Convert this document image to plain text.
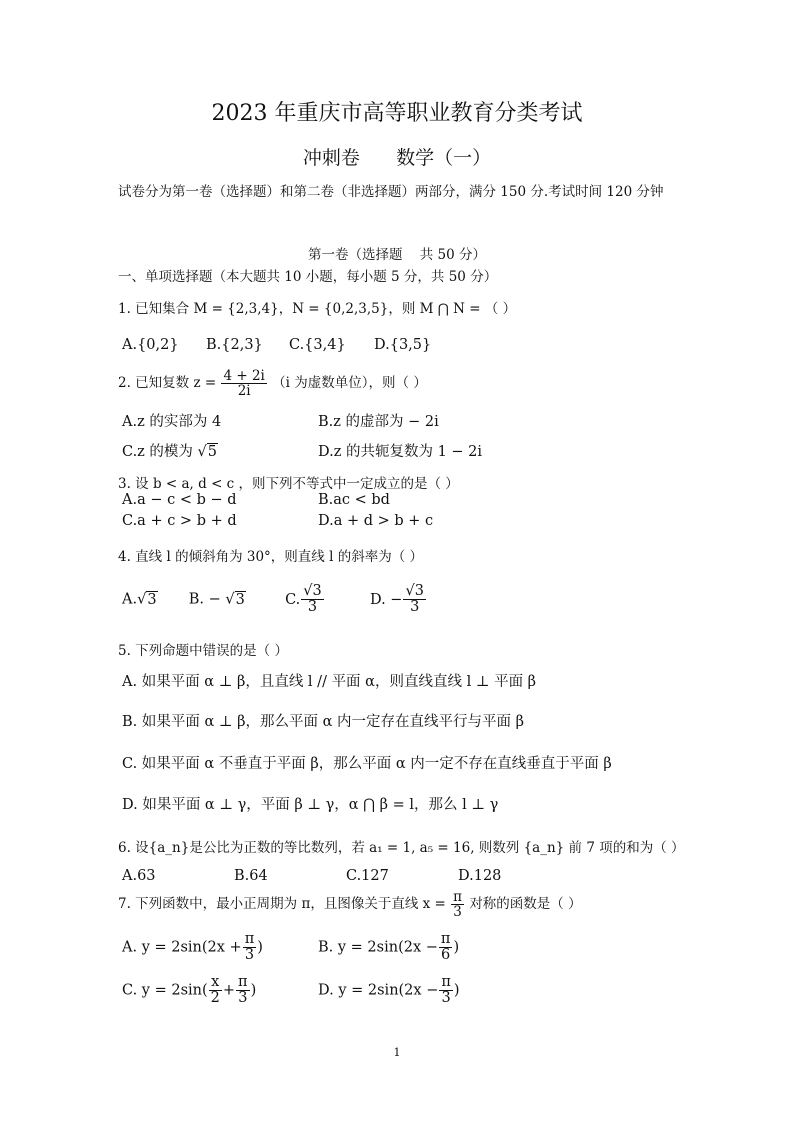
2023 年重庆市高等职业教育分类考试
冲刺卷      数学（一）
试卷分为第一卷（选择题）和第二卷（非选择题）两部分，满分 150 分.考试时间 120 分钟
第一卷（选择题    共 50 分）
一、单项选择题（本大题共 10 小题，每小题 5 分，共 50 分）
1. 已知集合 M = {2,3,4}，N = {0,2,3,5}，则 M ⋂ N = （ ）
A.{0,2} B.{2,3} C.{3,4} D.{3,5}
2. 已知复数 $z = \frac{4 + 2i}{2i} (i$ 为虚数单位），则（ ）
A.z 的实部为 4	B.z 的虚部为 − 2i
C.z 的模为 √5	D.z 的共轭复数为 1 − 2i
3. 设 b < a, d < c ，则下列不等式中一定成立的是（ ）
A.a − c < b − d	B.ac < bd
C.a + c > b + d	D.a + d > b + c
4. 直线 l 的倾斜角为 30°，则直线 l 的斜率为（ ）
A.√3 B. − √3	C. $\frac{√3}{3}$	D. − $\frac{√3}{3}$
5. 下列命题中错误的是（ ）
A. 如果平面 α ⊥ β，且直线 l // 平面 α，则直线直线 l ⊥ 平面 β
B. 如果平面 α ⊥ β，那么平面 α 内一定存在直线平行与平面 β
C. 如果平面 α 不垂直于平面 β，那么平面 α 内一定不存在直线垂直于平面 β
D. 如果平面 α ⊥ γ，平面 β ⊥ γ，α ⋂ β = l，那么 l ⊥ γ
6. 设{a_n}是公比为正数的等比数列，若 a₁ = 1, a₅ = 16, 则数列 {a_n} 前 7 项的和为（ ）
A.63	B.64	C.127	D.128
7. 下列函数中，最小正周期为 π，且图像关于直线 $x = \frac{\pi}{3}$ 对称的函数是（ ）
A. $y = 2\sin(2x + \frac{\pi}{3}$ )	B. $y = 2\sin(2x - \frac{\pi}{6}$ )
C. $y = 2\sin( \frac{x}{2} + \frac{\pi}{3}$ )	D. $y = 2\sin(2x - \frac{\pi}{3}$ )
1
